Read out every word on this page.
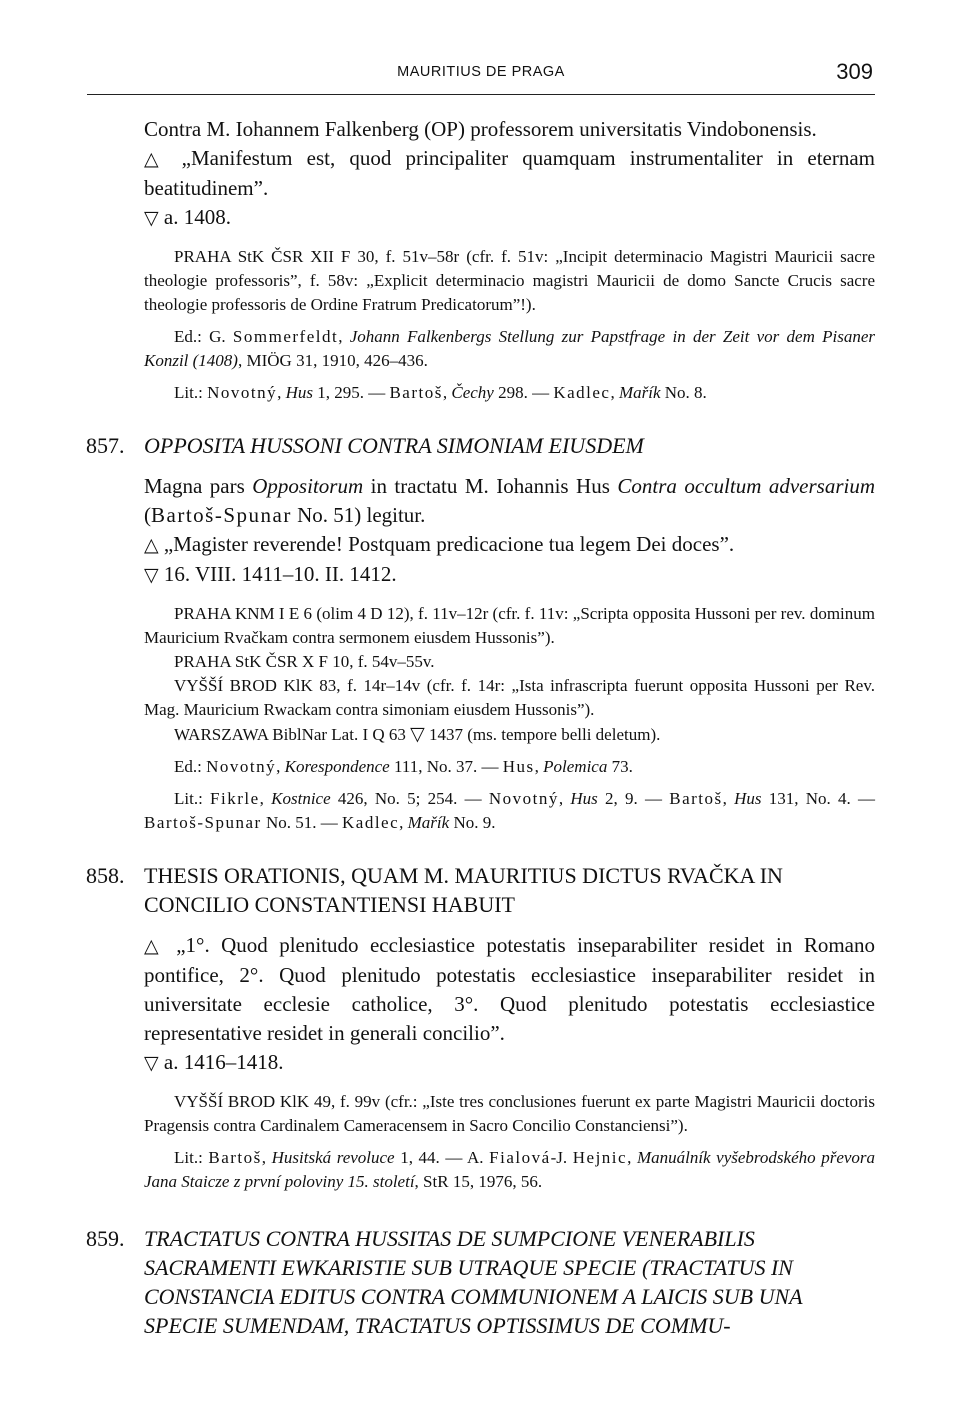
MAURITIUS DE PRAGA	309

Contra M. Iohannem Falkenberg (OP) professorem universitatis Vindobonensis.

△ „Manifestum est, quod principaliter quamquam instrumentaliter in eternam beatitudinem”.

▽ a. 1408.

PRAHA StK ČSR XII F 30, f. 51v–58r (cfr. f. 51v: „Incipit determinacio Magistri Mauricii sacre theologie professoris”, f. 58v: „Explicit determinacio magistri Mauricii de domo Sancte Crucis sacre theologie professoris de Ordine Fratrum Predicatorum”!).

Ed.: G. Sommerfeldt, Johann Falkenbergs Stellung zur Papstfrage in der Zeit vor dem Pisaner Konzil (1408), MIÖG 31, 1910, 426–436.

Lit.: Novotný, Hus 1, 295. — Bartoš, Čechy 298. — Kadlec, Mařík No. 8.

857. OPPOSITA HUSSONI CONTRA SIMONIAM EIUSDEM

Magna pars Oppositorum in tractatu M. Iohannis Hus Contra occultum adversarium (Bartoš-Spunar No. 51) legitur.

△ „Magister reverende! Postquam predicacione tua legem Dei doces”.

▽ 16. VIII. 1411–10. II. 1412.

PRAHA KNM I E 6 (olim 4 D 12), f. 11v–12r (cfr. f. 11v: „Scripta opposita Hussoni per rev. dominum Mauricium Rvačkam contra sermonem eiusdem Hussonis”).

PRAHA StK ČSR X F 10, f. 54v–55v.

VYŠŠÍ BROD KlK 83, f. 14r–14v (cfr. f. 14r: „Ista infrascripta fuerunt opposita Hussoni per Rev. Mag. Mauricium Rwackam contra simoniam eiusdem Hussonis”).

WARSZAWA BiblNar Lat. I Q 63 ▽ 1437 (ms. tempore belli deletum).

Ed.: Novotný, Korespondence 111, No. 37. — Hus, Polemica 73.

Lit.: Fikrle, Kostnice 426, No. 5; 254. — Novotný, Hus 2, 9. — Bartoš, Hus 131, No. 4. — Bartoš-Spunar No. 51. — Kadlec, Mařík No. 9.

858. THESIS ORATIONIS, QUAM M. MAURITIUS DICTUS RVAČKA IN CONCILIO CONSTANTIENSI HABUIT

△ „1°. Quod plenitudo ecclesiastice potestatis inseparabiliter residet in Romano pontifice, 2°. Quod plenitudo potestatis ecclesiastice inseparabiliter residet in universitate ecclesie catholice, 3°. Quod plenitudo potestatis ecclesiastice representative residet in generali concilio”.

▽ a. 1416–1418.

VYŠŠÍ BROD KlK 49, f. 99v (cfr.: „Iste tres conclusiones fuerunt ex parte Magistri Mauricii doctoris Pragensis contra Cardinalem Cameracensem in Sacro Concilio Constanciensi”).

Lit.: Bartoš, Husitská revoluce 1, 44. — A. Fialová-J. Hejnic, Manuálník vyšebrodského převora Jana Staicze z první poloviny 15. století, StR 15, 1976, 56.

859. TRACTATUS CONTRA HUSSITAS DE SUMPCIONE VENERABILIS SACRAMENTI EWKARISTIE SUB UTRAQUE SPECIE (TRACTATUS IN CONSTANCIA EDITUS CONTRA COMMUNIONEM A LAICIS SUB UNA SPECIE SUMENDAM, TRACTATUS OPTISSIMUS DE COMMU-
